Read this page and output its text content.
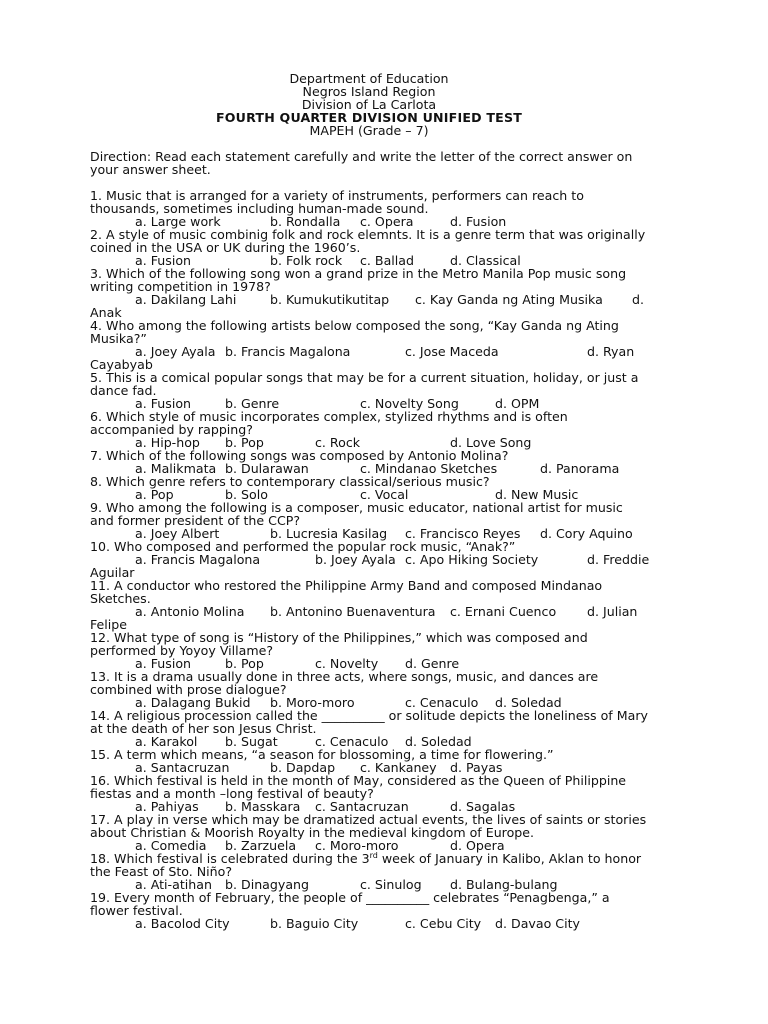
Department of Education
Negros Island Region
Division of La Carlota
FOURTH QUARTER DIVISION UNIFIED TEST
MAPEH (Grade – 7)
Direction: Read each statement carefully and write the letter of the correct answer on your answer sheet.
1. Music that is arranged for a variety of instruments, performers can reach to thousands, sometimes including human-made sound.
a. Large work	b. Rondalla c. Opera	d. Fusion
2. A style of music combinig folk and rock elemnts. It is a genre term that was originally coined in the USA or UK during the 1960’s.
a. Fusion	b. Folk rock c. Ballad	d. Classical
3. Which of the following song won a grand prize in the Metro Manila Pop music song writing competition in 1978?
a. Dakilang Lahi	b. Kumukutikutitap c. Kay Ganda ng Ating Musika d.
Anak
4. Who among the following artists below composed the song, “Kay Ganda ng Ating Musika?”
a. Joey Ayala b. Francis Magalona	c. Jose Maceda	d. Ryan
Cayabyab
5. This is a comical popular songs that may be for a current situation, holiday, or just a dance fad.
a. Fusion	b. Genre	c. Novelty Song	d. OPM
6. Which style of music incorporates complex, stylized rhythms and is often accompanied by rapping?
a. Hip-hop b. Pop	c. Rock	d. Love Song
7. Which of the following songs was composed by Antonio Molina?
a. Malikmata b. Dularawan	c. Mindanao Sketches	d. Panorama
8. Which genre refers to contemporary classical/serious music?
a. Pop	b. Solo	c. Vocal	d. New Music
9. Who among the following is a composer, music educator, national artist for music and former president of the CCP?
a. Joey Albert	b. Lucresia Kasilag c. Francisco Reyes d. Cory Aquino
10. Who composed and performed the popular rock music, “Anak?”
a. Francis Magalona	b. Joey Ayala c. Apo Hiking Society	d. Freddie
Aguilar
11. A conductor who restored the Philippine Army Band and composed Mindanao Sketches.
a. Antonio Molina b. Antonino Buenaventura c. Ernani Cuenco d. Julian
Felipe
12. What type of song is “History of the Philippines,” which was composed and performed by Yoyoy Villame?
a. Fusion	b. Pop	c. Novelty d. Genre
13. It is a drama usually done in three acts, where songs, music, and dances are combined with prose dialogue?
a. Dalagang Bukid b. Moro-moro	c. Cenaculo d. Soledad
14. A religious procession called the __________ or solitude depicts the loneliness of Mary at the death of her son Jesus Christ.
a. Karakol b. Sugat	c. Cenaculo d. Soledad
15. A term which means, “a season for blossoming, a time for flowering.”
a. Santacruzan	b. Dapdap c. Kankaney d. Payas
16. Which festival is held in the month of May, considered as the Queen of Philippine fiestas and a month –long festival of beauty?
a. Pahiyas b. Masskara c. Santacruzan	d. Sagalas
17. A play in verse which may be dramatized actual events, the lives of saints or stories about Christian & Moorish Royalty in the medieval kingdom of Europe.
a. Comedia b. Zarzuela c. Moro-moro	d. Opera
18. Which festival is celebrated during the 3rd week of January in Kalibo, Aklan to honor the Feast of Sto. Niño?
a. Ati-atihan b. Dinagyang	c. Sinulog d. Bulang-bulang
19. Every month of February, the people of __________ celebrates “Penagbenga,” a flower festival.
a. Bacolod City	b. Baguio City	c. Cebu City d. Davao City
